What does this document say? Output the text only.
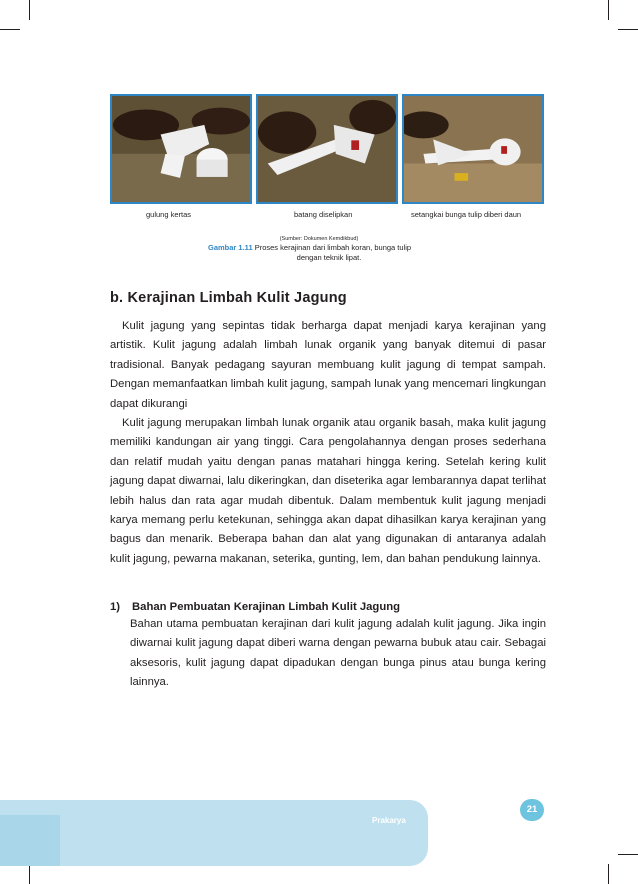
gulung kertas	batang diselipkan	setangkai bunga tulip diberi daun
(Sumber: Dokumen Kemdikbud)
Gambar 1.11 Proses kerajinan dari limbah koran, bunga tulip
dengan teknik lipat.
b. Kerajinan Limbah Kulit Jagung

Kulit jagung yang sepintas tidak berharga dapat menjadi karya kerajinan yang artistik. Kulit jagung adalah limbah lunak organik yang banyak ditemui di pasar tradisional. Banyak pedagang sayuran membuang kulit jagung di tempat sampah. Dengan memanfaatkan limbah kulit jagung, sampah lunak yang mencemari lingkungan dapat dikurangi

Kulit jagung merupakan limbah lunak organik atau organik basah, maka kulit jagung memiliki kandungan air yang tinggi. Cara pengolahannya dengan proses sederhana dan relatif mudah yaitu dengan panas matahari hingga kering. Setelah kering kulit jagung dapat diwarnai, lalu dikeringkan, dan diseterika agar lembarannya dapat terlihat lebih halus dan rata agar mudah dibentuk. Dalam membentuk kulit jagung menjadi karya memang perlu ketekunan, sehingga akan dapat dihasilkan karya kerajinan yang bagus dan menarik. Beberapa bahan dan alat yang digunakan di antaranya adalah kulit jagung, pewarna makanan, seterika, gunting, lem, dan bahan pendukung lainnya.

1) Bahan Pembuatan Kerajinan Limbah Kulit Jagung

Bahan utama pembuatan kerajinan dari kulit jagung adalah kulit jagung. Jika ingin diwarnai kulit jagung dapat diberi warna dengan pewarna bubuk atau cair. Sebagai aksesoris, kulit jagung dapat dipadukan dengan bunga pinus atau bunga kering lainnya.

Prakarya
21
